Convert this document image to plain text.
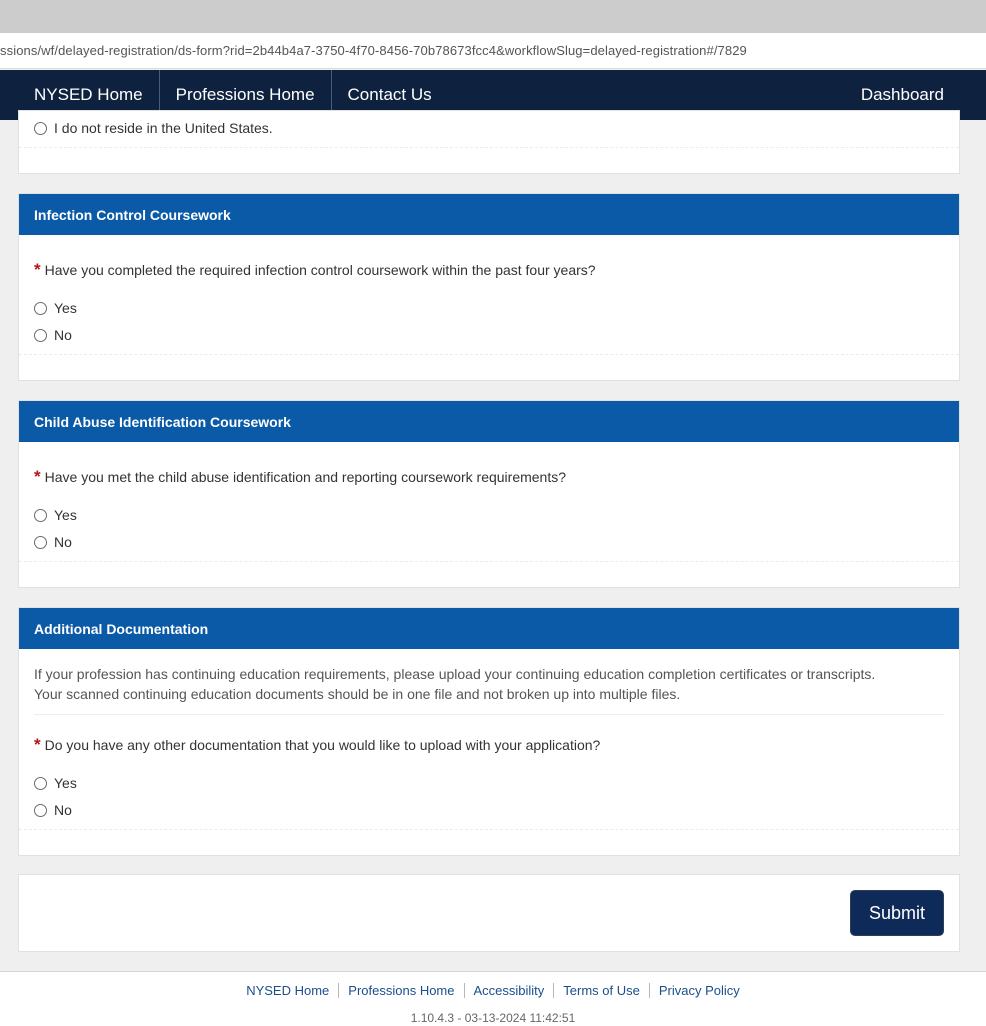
ssions/wf/delayed-registration/ds-form?rid=2b44b4a7-3750-4f70-8456-70b78673fcc4&workflowSlug=delayed-registration#/7829
NYSED Home	Professions Home	Contact Us	Dashboard
I do not reside in the United States.
Infection Control Coursework
* Have you completed the required infection control coursework within the past four years?
Yes
No
Child Abuse Identification Coursework
* Have you met the child abuse identification and reporting coursework requirements?
Yes
No
Additional Documentation
If your profession has continuing education requirements, please upload your continuing education completion certificates or transcripts.
Your scanned continuing education documents should be in one file and not broken up into multiple files.
* Do you have any other documentation that you would like to upload with your application?
Yes
No
Submit
NYSED Home	Professions Home	Accessibility	Terms of Use	Privacy Policy
1.10.4.3 - 03-13-2024 11:42:51
